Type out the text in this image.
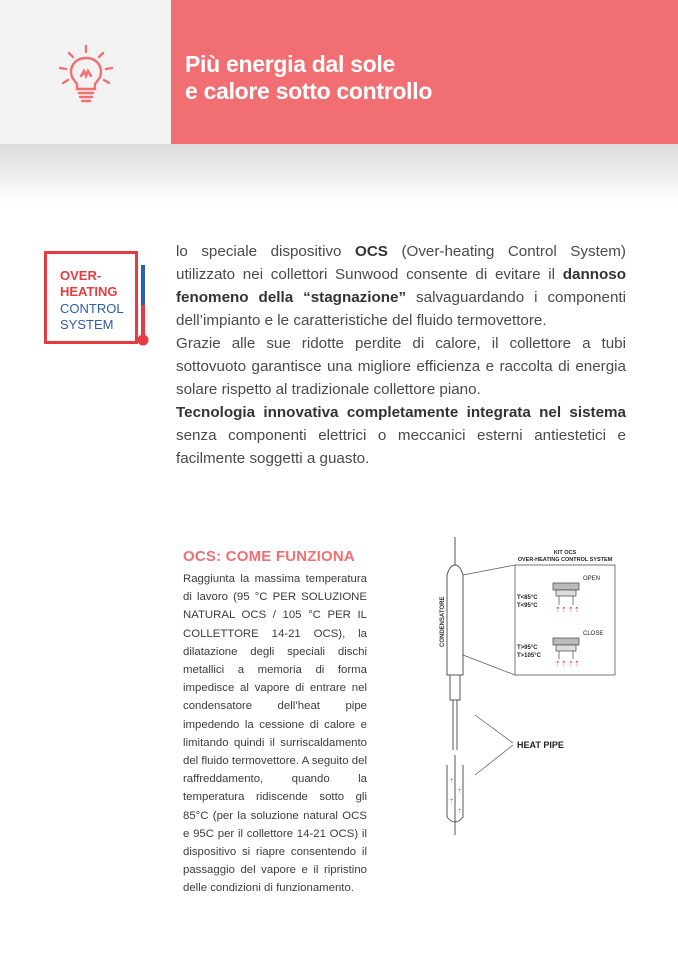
Più energia dal sole
e calore sotto controllo
OVER-
HEATING
CONTROL
SYSTEM

lo speciale dispositivo OCS (Over-heating Control System) utilizzato nei collettori Sunwood consente di evitare il dannoso fenomeno della “stagnazione” salvaguardando i componenti dell’impianto e le caratteristiche del fluido termovettore.

Grazie alle sue ridotte perdite di calore, il collettore a tubi sottovuoto garantisce una migliore efficienza e raccolta di energia solare rispetto al tradizionale collettore piano.

Tecnologia innovativa completamente integrata nel sistema senza componenti elettrici o meccanici esterni antiestetici e facilmente soggetti a guasto.

OCS: COME FUNZIONA

Raggiunta la massima temperatura di lavoro (95 °C PER SOLUZIONE NATURAL OCS / 105 °C PER IL COLLETTORE 14-21 OCS), la dilatazione degli speciali dischi metallici a memoria di forma impedisce al vapore di entrare nel condensatore dell’heat pipe impedendo la cessione di calore e limitando quindi il surriscaldamento del fluido termovettore. A seguito del raffreddamento, quando la temperatura ridiscende sotto gli 85°C (per la soluzione natural OCS e 95C per il collettore 14-21 OCS) il dispositivo si riapre consentendo il passaggio del vapore e il ripristino delle condizioni di funzionamento.

⇡
⇡
⇡
⇡
CONDENSATORE
KIT OCS
OVER-HEATING CONTROL SYSTEM
⇡ ⇡ ⇡ ⇡
OPEN
T<85°C
T<95°C
⇡ ⇡ ⇡ ⇡
CLOSE
T>95°C
T>105°C
HEAT PIPE
